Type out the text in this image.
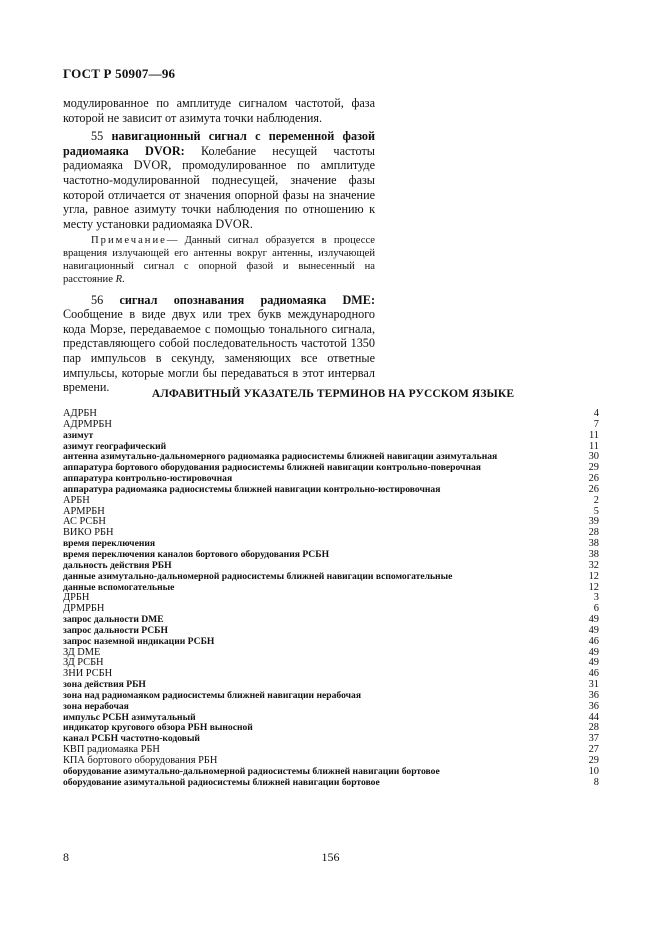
ГОСТ Р 50907—96

модулированное по амплитуде сигналом частотой, фаза которой не зависит от азимута точки наблюдения.

55 навигационный сигнал с переменной фазой радиомаяка DVOR: Колебание несущей частоты радиомаяка DVOR, промодулированное по амплитуде частотно-модулированной поднесущей, значение фазы которой отличается от значения опорной фазы на значение угла, равное азимуту точки наблюдения по отношению к месту установки радиомаяка DVOR.

Примечание— Данный сигнал образуется в процессе вращения излучающей его антенны вокруг антенны, излучающей навигационный сигнал с опорной фазой и вынесенный на расстояние R.

56 сигнал опознавания радиомаяка DME: Сообщение в виде двух или трех букв международного кода Морзе, передаваемое с помощью тонального сигнала, представляющего собой последовательность частотой 1350 пар импульсов в секунду, заменяющих все ответные импульсы, которые могли бы передаваться в этот интервал времени.	АЛФАВИТНЫЙ УКАЗАТЕЛЬ ТЕРМИНОВ НА РУССКОМ ЯЗЫКЕ
АДРБН	4
АДРМРБН	7
азимут	11
азимут географический	11
антенна азимутально-дальномерного радиомаяка радиосистемы ближней навигации азимутальная	30
аппаратура бортового оборудования радиосистемы ближней навигации контрольно-поверочная	29
аппаратура контрольно-юстировочная	26
аппаратура радиомаяка радиосистемы ближней навигации контрольно-юстировочная	26
АРБН	2
АРМРБН	5
АС РСБН	39
ВИКО РБН	28
время переключения	38
время переключения каналов бортового оборудования РСБН	38
дальность действия РБН	32
данные азимутально-дальномерной радиосистемы ближней навигации вспомогательные	12
данные вспомогательные	12
ДРБН	3
ДРМРБН	6
запрос дальности DME	49
запрос дальности РСБН	49
запрос наземной индикации РСБН	46
ЗД DME	49
ЗД РСБН	49
ЗНИ РСБН	46
зона действия РБН	31
зона над радиомаяком радиосистемы ближней навигации нерабочая	36
зона нерабочая	36
импульс РСБН азимутальный	44
индикатор кругового обзора РБН выносной	28
канал РСБН частотно-кодовый	37
КВП радиомаяка РБН	27
КПА бортового оборудования РБН	29
оборудование азимутально-дальномерной радиосистемы ближней навигации бортовое	10
оборудование азимутальной радиосистемы ближней навигации бортовое	8
8	156
